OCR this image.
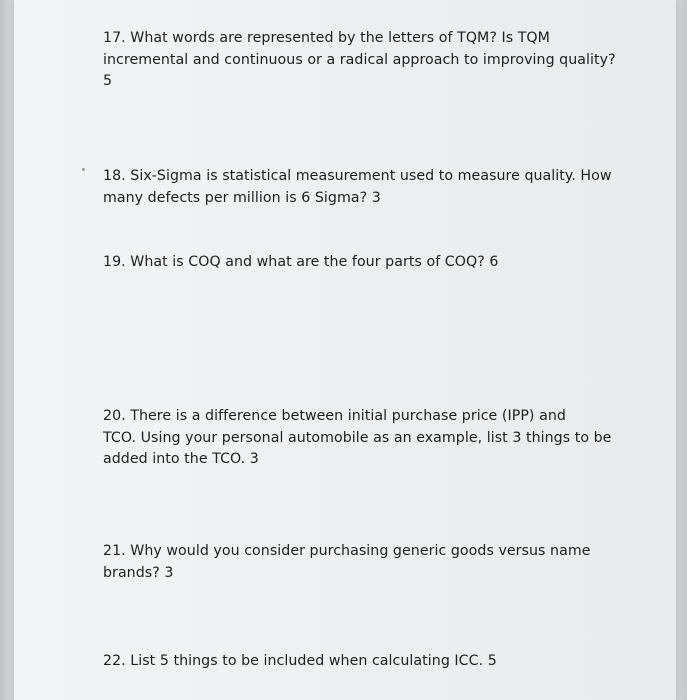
17. What words are represented by the letters of TQM? Is TQM
incremental and continuous or a radical approach to improving quality?
5

18. Six-Sigma is statistical measurement used to measure quality. How
many defects per million is 6 Sigma? 3

19. What is COQ and what are the four parts of COQ? 6

20. There is a difference between initial purchase price (IPP) and
TCO. Using your personal automobile as an example, list 3 things to be
added into the TCO. 3

21. Why would you consider purchasing generic goods versus name
brands? 3

22. List 5 things to be included when calculating ICC. 5
